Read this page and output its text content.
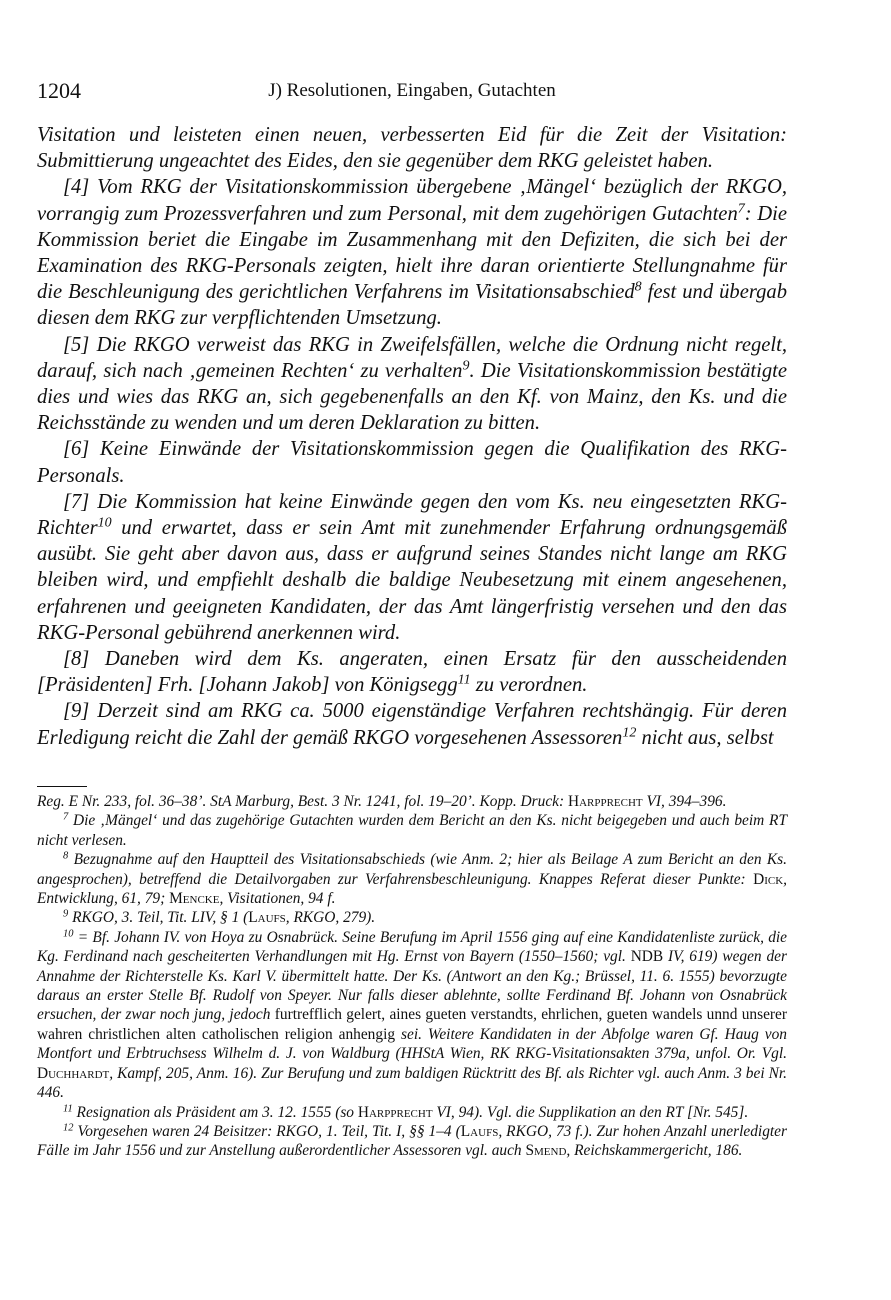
1204	J) Resolutionen, Eingaben, Gutachten

Visitation und leisteten einen neuen, verbesserten Eid für die Zeit der Visitation: Submittierung ungeachtet des Eides, den sie gegenüber dem RKG geleistet haben.

[4] Vom RKG der Visitationskommission übergebene ‚Mängel‘ bezüglich der RKGO, vorrangig zum Prozessverfahren und zum Personal, mit dem zugehörigen Gutachten$^7$: Die Kommission beriet die Eingabe im Zusammenhang mit den Defiziten, die sich bei der Examination des RKG-Personals zeigten, hielt ihre daran orientierte Stellungnahme für die Beschleunigung des gerichtlichen Verfahrens im Visitationsabschied$^8$ fest und übergab diesen dem RKG zur verpflichtenden Umsetzung.

[5] Die RKGO verweist das RKG in Zweifelsfällen, welche die Ordnung nicht regelt, darauf, sich nach ‚gemeinen Rechten‘ zu verhalten$^9$. Die Visitationskommission bestätigte dies und wies das RKG an, sich gegebenenfalls an den Kf. von Mainz, den Ks. und die Reichsstände zu wenden und um deren Deklaration zu bitten.

[6] Keine Einwände der Visitationskommission gegen die Qualifikation des RKG-Personals.

[7] Die Kommission hat keine Einwände gegen den vom Ks. neu eingesetzten RKG-Richter$^{10}$ und erwartet, dass er sein Amt mit zunehmender Erfahrung ordnungsgemäß ausübt. Sie geht aber davon aus, dass er aufgrund seines Standes nicht lange am RKG bleiben wird, und empfiehlt deshalb die baldige Neubesetzung mit einem angesehenen, erfahrenen und geeigneten Kandidaten, der das Amt längerfristig versehen und den das RKG-Personal gebührend anerkennen wird.

[8] Daneben wird dem Ks. angeraten, einen Ersatz für den ausscheidenden [Präsidenten] Frh. [Johann Jakob] von Königsegg$^{11}$ zu verordnen.

[9] Derzeit sind am RKG ca. 5000 eigenständige Verfahren rechtshängig. Für deren Erledigung reicht die Zahl der gemäß RKGO vorgesehenen Assessoren$^{12}$ nicht aus, selbst

Reg. E Nr. 233, fol. 36–38’. StA Marburg, Best. 3 Nr. 1241, fol. 19–20’. Kopp. Druck: Harpprecht VI, 394–396.

$^7$ Die ‚Mängel‘ und das zugehörige Gutachten wurden dem Bericht an den Ks. nicht beigegeben und auch beim RT nicht verlesen.

$^8$ Bezugnahme auf den Hauptteil des Visitationsabschieds (wie Anm. 2; hier als Beilage A zum Bericht an den Ks. angesprochen), betreffend die Detailvorgaben zur Verfahrensbeschleunigung. Knappes Referat dieser Punkte: Dick, Entwicklung, 61, 79; Mencke, Visitationen, 94 f.

$^9$ RKGO, 3. Teil, Tit. LIV, § 1 (Laufs, RKGO, 279).

$^{10}$ = Bf. Johann IV. von Hoya zu Osnabrück. Seine Berufung im April 1556 ging auf eine Kandidatenliste zurück, die Kg. Ferdinand nach gescheiterten Verhandlungen mit Hg. Ernst von Bayern (1550–1560; vgl. NDB IV, 619) wegen der Annahme der Richterstelle Ks. Karl V. übermittelt hatte. Der Ks. (Antwort an den Kg.; Brüssel, 11. 6. 1555) bevorzugte daraus an erster Stelle Bf. Rudolf von Speyer. Nur falls dieser ablehnte, sollte Ferdinand Bf. Johann von Osnabrück ersuchen, der zwar noch jung, jedoch furtrefflich gelert, aines gueten verstandts, ehrlichen, gueten wandels unnd unserer wahren christlichen alten catholischen religion anhengig sei. Weitere Kandidaten in der Abfolge waren Gf. Haug von Montfort und Erbtruchsess Wilhelm d. J. von Waldburg (HHStA Wien, RK RKG-Visitationsakten 379a, unfol. Or. Vgl. Duchhardt, Kampf, 205, Anm. 16). Zur Berufung und zum baldigen Rücktritt des Bf. als Richter vgl. auch Anm. 3 bei Nr. 446.

$^{11}$ Resignation als Präsident am 3. 12. 1555 (so Harpprecht VI, 94). Vgl. die Supplikation an den RT [Nr. 545].

$^{12}$ Vorgesehen waren 24 Beisitzer: RKGO, 1. Teil, Tit. I, §§ 1–4 (Laufs, RKGO, 73 f.). Zur hohen Anzahl unerledigter Fälle im Jahr 1556 und zur Anstellung außerordentlicher Assessoren vgl. auch Smend, Reichskammergericht, 186.
